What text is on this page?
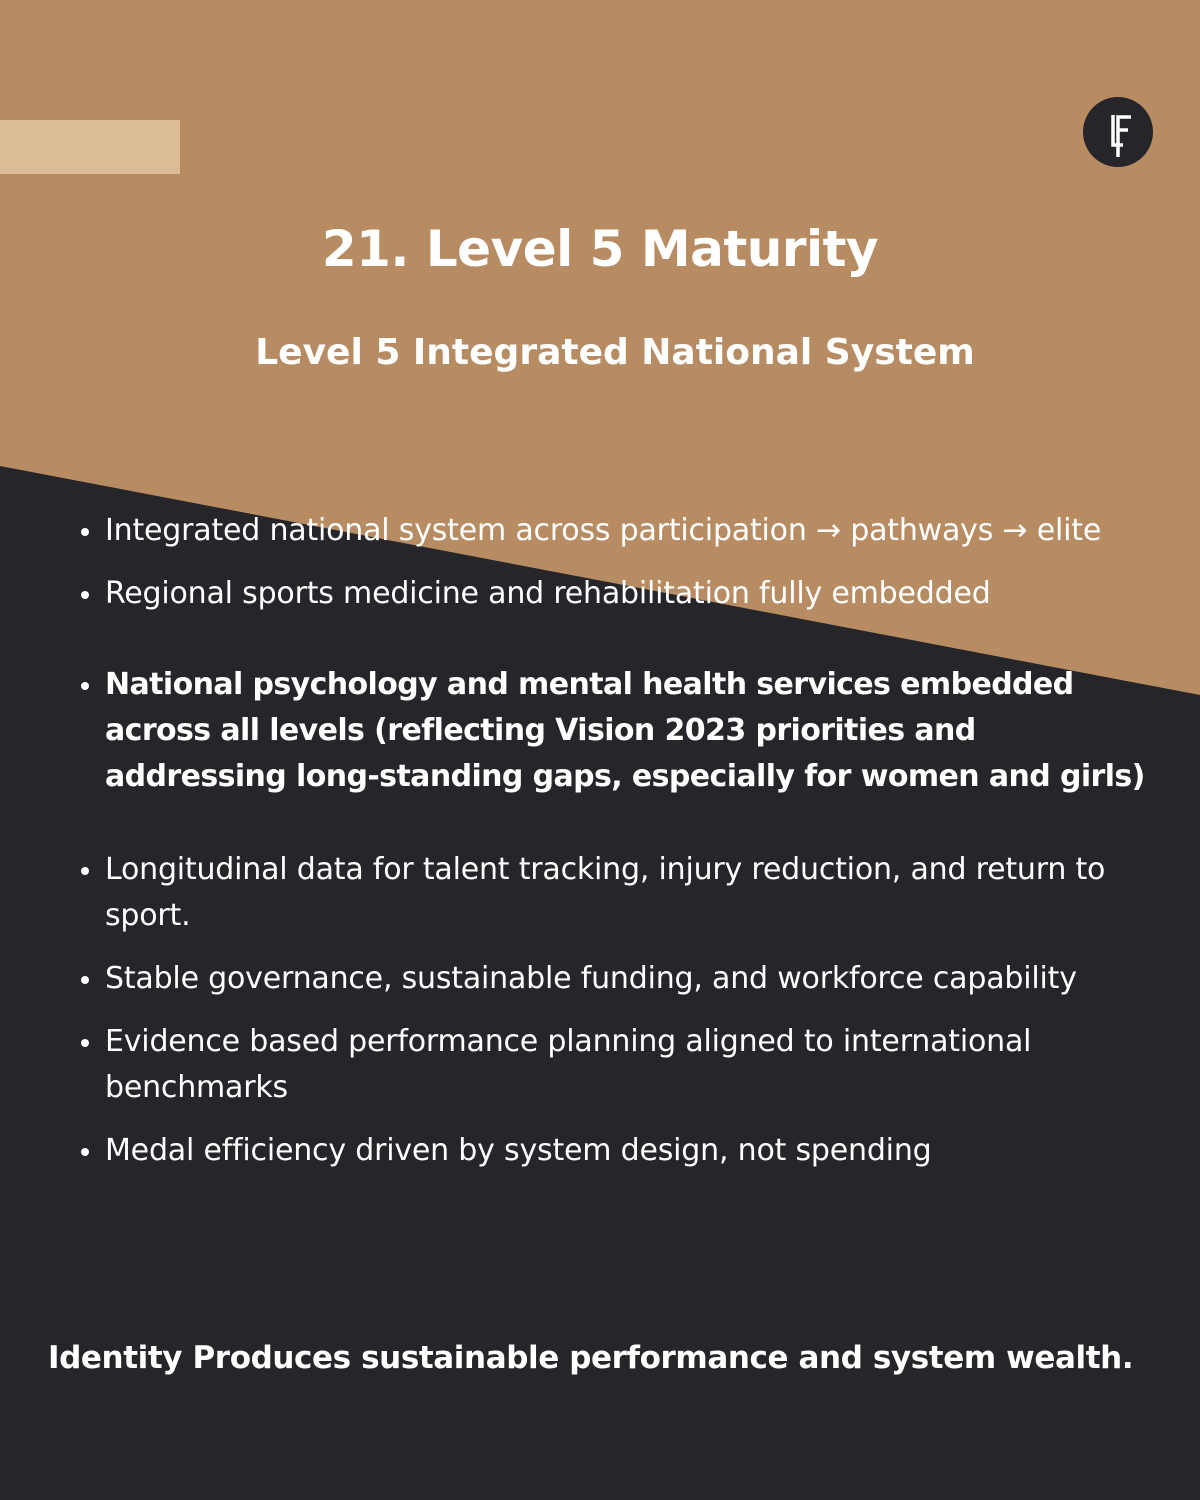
21. Level 5 Maturity
Level 5 Integrated National System
Integrated national system across participation → pathways → elite
Regional sports medicine and rehabilitation fully embedded
National psychology and mental health services embedded across all levels (reflecting Vision 2023 priorities and addressing long-standing gaps, especially for women and girls)
Longitudinal data for talent tracking, injury reduction, and return to sport.
Stable governance, sustainable funding, and workforce capability
Evidence based performance planning aligned to international benchmarks
Medal efficiency driven by system design, not spending
Identity Produces sustainable performance and system wealth.
